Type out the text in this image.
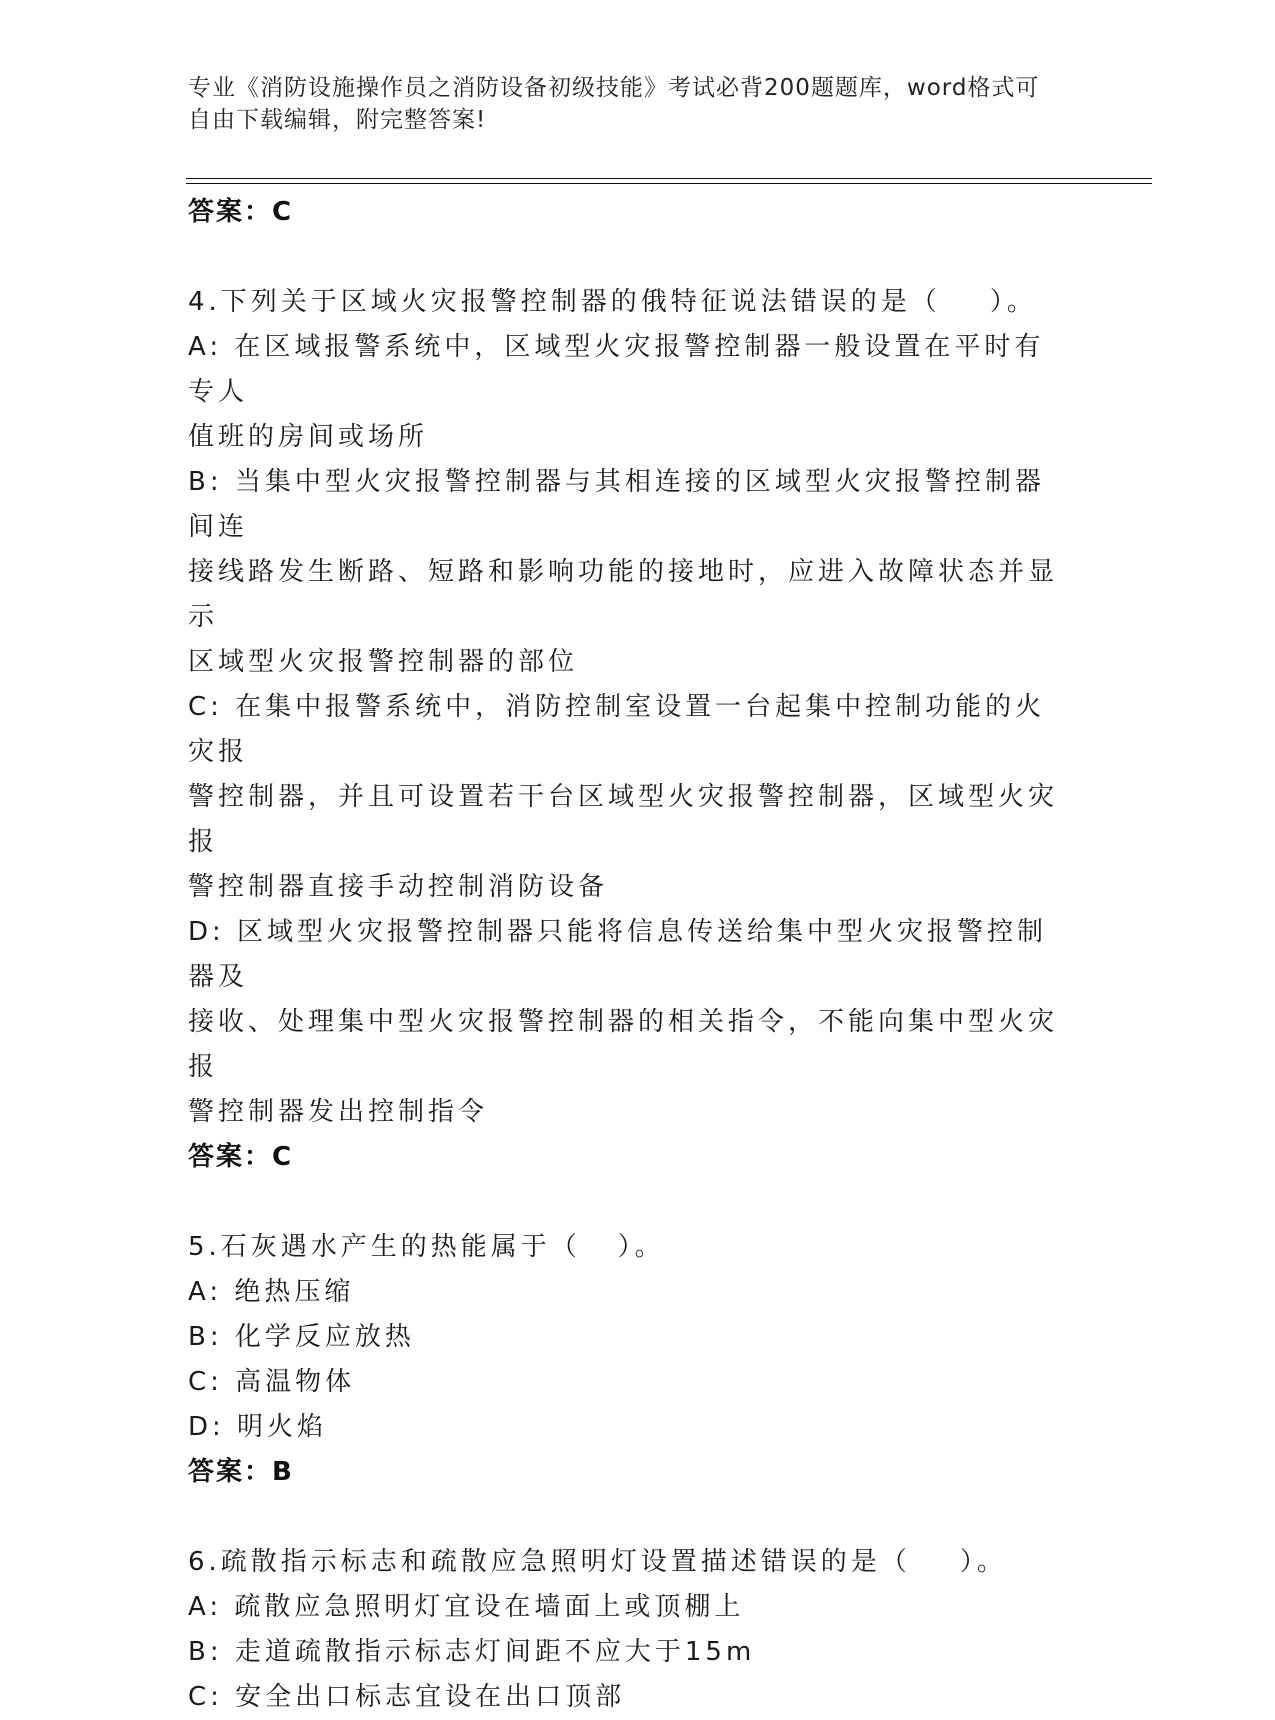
专业《消防设施操作员之消防设备初级技能》考试必背200题题库，word格式可
自由下载编辑，附完整答案!
答案：C
4.下列关于区域火灾报警控制器的俄特征说法错误的是（    ）。
A: 在区域报警系统中，区域型火灾报警控制器一般设置在平时有专人
值班的房间或场所
B: 当集中型火灾报警控制器与其相连接的区域型火灾报警控制器间连
接线路发生断路、短路和影响功能的接地时，应进入故障状态并显示
区域型火灾报警控制器的部位
C: 在集中报警系统中，消防控制室设置一台起集中控制功能的火灾报
警控制器，并且可设置若干台区域型火灾报警控制器，区域型火灾报
警控制器直接手动控制消防设备
D: 区域型火灾报警控制器只能将信息传送给集中型火灾报警控制器及
接收、处理集中型火灾报警控制器的相关指令，不能向集中型火灾报
警控制器发出控制指令
答案：C
5.石灰遇水产生的热能属于（   ）。
A: 绝热压缩
B: 化学反应放热
C: 高温物体
D: 明火焰
答案：B
6.疏散指示标志和疏散应急照明灯设置描述错误的是（    ）。
A: 疏散应急照明灯宜设在墙面上或顶棚上
B: 走道疏散指示标志灯间距不应大于15m
C: 安全出口标志宜设在出口顶部
